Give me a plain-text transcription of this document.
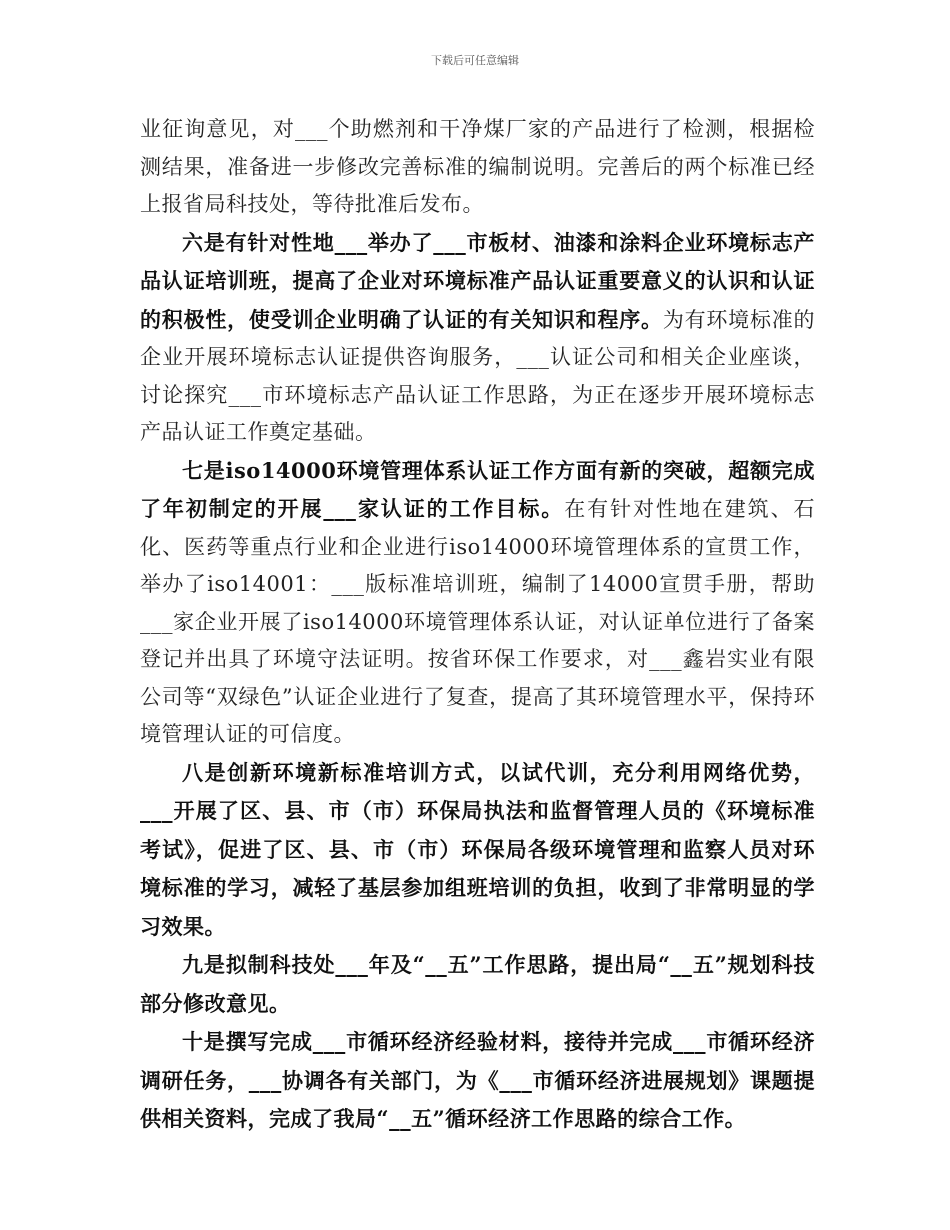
下载后可任意编辑

业征询意见，对___个助燃剂和干净煤厂家的产品进行了检测，根据检测结果，准备进一步修改完善标准的编制说明。完善后的两个标准已经上报省局科技处，等待批准后发布。

六是有针对性地___举办了___市板材、油漆和涂料企业环境标志产品认证培训班，提高了企业对环境标准产品认证重要意义的认识和认证的积极性，使受训企业明确了认证的有关知识和程序。为有环境标准的企业开展环境标志认证提供咨询服务，___认证公司和相关企业座谈，讨论探究___市环境标志产品认证工作思路，为正在逐步开展环境标志产品认证工作奠定基础。

七是iso14000环境管理体系认证工作方面有新的突破，超额完成了年初制定的开展___家认证的工作目标。在有针对性地在建筑、石化、医药等重点行业和企业进行iso14000环境管理体系的宣贯工作，举办了iso14001：___版标准培训班，编制了14000宣贯手册，帮助___家企业开展了iso14000环境管理体系认证，对认证单位进行了备案登记并出具了环境守法证明。按省环保工作要求，对___鑫岩实业有限公司等“双绿色”认证企业进行了复查，提高了其环境管理水平，保持环境管理认证的可信度。

八是创新环境新标准培训方式，以试代训，充分利用网络优势，___开展了区、县、市（市）环保局执法和监督管理人员的《环境标准考试》，促进了区、县、市（市）环保局各级环境管理和监察人员对环境标准的学习，减轻了基层参加组班培训的负担，收到了非常明显的学习效果。

九是拟制科技处___年及“__五”工作思路，提出局“__五”规划科技部分修改意见。

十是撰写完成___市循环经济经验材料，接待并完成___市循环经济调研任务，___协调各有关部门，为《___市循环经济进展规划》课题提供相关资料，完成了我局“__五”循环经济工作思路的综合工作。
